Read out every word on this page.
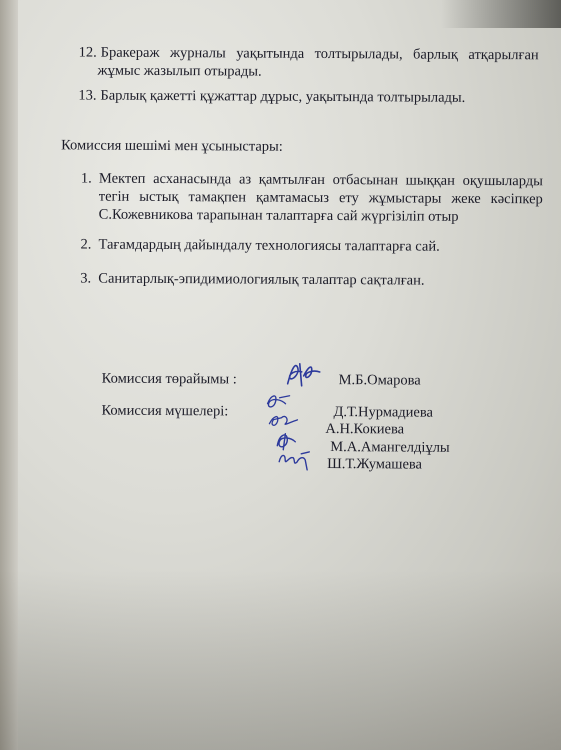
12. Бракераж журналы уақытында толтырылады, барлық атқарылған
жұмыс жазылып отырады.
13. Барлық қажетті құжаттар дұрыс, уақытында толтырылады.
Комиссия шешімі мен ұсыныстары:
1. Мектеп асханасында аз қамтылған отбасынан шыққан оқушыларды
тегін ыстық тамақпен қамтамасыз ету жұмыстары жеке кәсіпкер
С.Кожевникова тарапынан талаптарға сай жүргізіліп отыр
2. Тағамдардың дайындалу технологиясы талаптарға сай.
3. Санитарлық-эпидимиологиялық талаптар сақталған.
Комиссия төрайымы :	М.Б.Омарова
Комиссия мүшелері:	Д.Т.Нурмадиева
А.Н.Кокиева
М.А.Амангелдіұлы
Ш.Т.Жумашева
